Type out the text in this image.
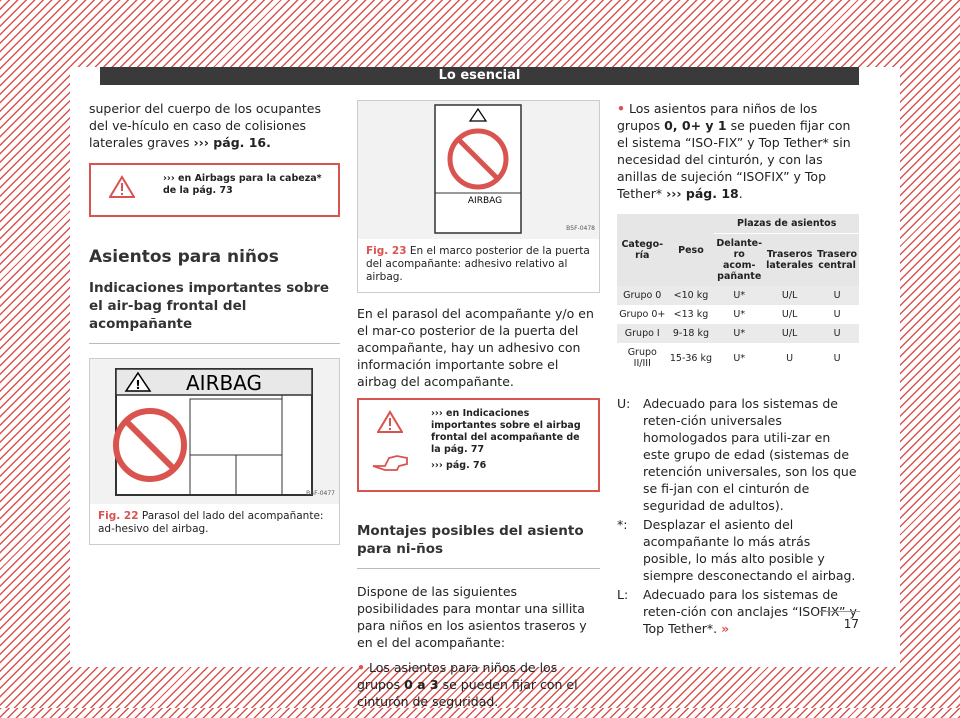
Lo esencial

superior del cuerpo de los ocupantes del ve-hículo en caso de colisiones laterales graves ››› pág. 16.

››› en Airbags para la cabeza* de la pág. 73
Asientos para niños
Indicaciones importantes sobre el air-bag frontal del acompañante
! AIRBAG
B5F-0477
Fig. 22 Parasol del lado del acompañante: ad-hesivo del airbag.
AIRBAG
B5F-0478
Fig. 23 En el marco posterior de la puerta del acompañante: adhesivo relativo al airbag.

En el parasol del acompañante y/o en el mar-co posterior de la puerta del acompañante, hay un adhesivo con información importante sobre el airbag del acompañante.

››› en Indicaciones importantes sobre el airbag frontal del acompañante de la pág. 77
››› pág. 76
Montajes posibles del asiento para ni-ños

Dispone de las siguientes posibilidades para montar una sillita para niños en los asientos traseros y en el del acompañante:

• Los asientos para niños de los grupos 0 a 3 se pueden fijar con el cinturón de seguridad.

• Los asientos para niños de los grupos 0, 0+ y 1 se pueden fijar con el sistema “ISO-FIX” y Top Tether* sin necesidad del cinturón, y con las anillas de sujeción “ISOFIX” y Top Tether* ››› pág. 18.

Catego-ría	Peso	Plazas de asientos		
		Delante-ro acom-pañante	Traseros laterales	Trasero central
Grupo 0	<10 kg	U*	U/L	U
Grupo 0+	<13 kg	U*	U/L	U
Grupo I	9-18 kg	U*	U/L	U
Grupo II/III	15-36 kg	U*	U	U
U:	Adecuado para los sistemas de reten-ción universales homologados para utili-zar en este grupo de edad (sistemas de retención universales, son los que se fi-jan con el cinturón de seguridad de adultos).
*:	Desplazar el asiento del acompañante lo más atrás posible, lo más alto posible y siempre desconectando el airbag.
L:	Adecuado para los sistemas de reten-ción con anclajes “ISOFIX” y Top Tether*. »	17
